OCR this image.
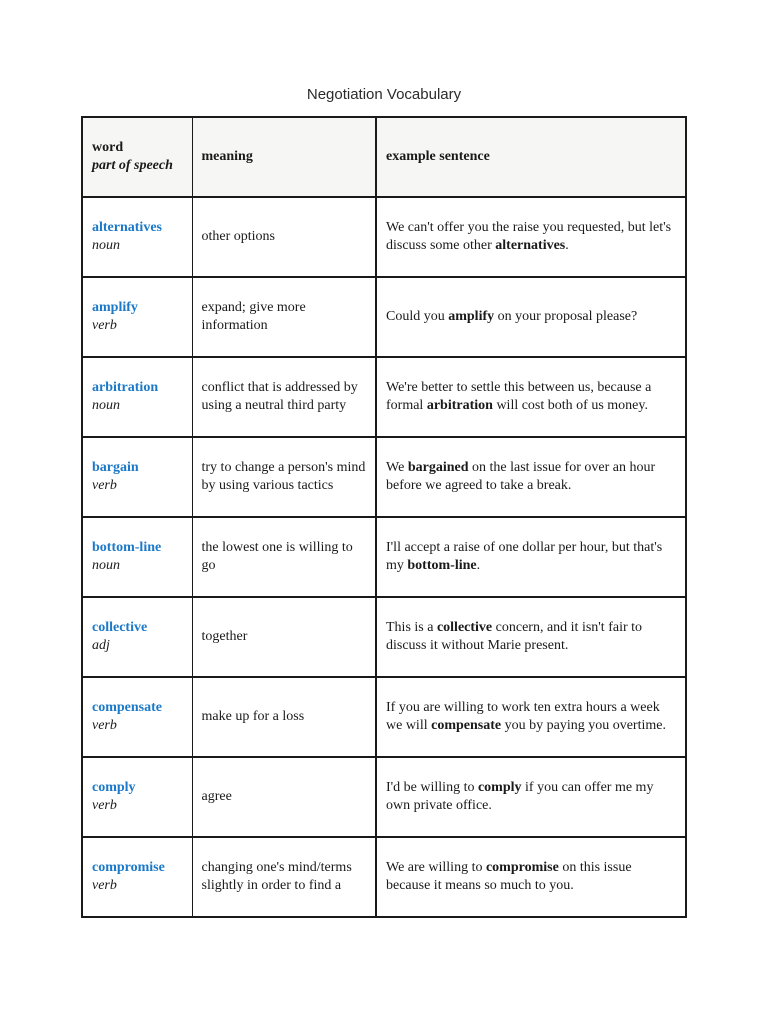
Negotiation Vocabulary
word
part of speech	meaning	example sentence

alternatives
noun	other options	We can't offer you the raise you requested, but let's discuss some other alternatives.

amplify
verb	expand; give more information	Could you amplify on your proposal please?

arbitration
noun	conflict that is addressed by using a neutral third party	We're better to settle this between us, because a formal arbitration will cost both of us money.

bargain
verb	try to change a person's mind by using various tactics	We bargained on the last issue for over an hour before we agreed to take a break.

bottom-line
noun	the lowest one is willing to go	I'll accept a raise of one dollar per hour, but that's my bottom-line.

collective
adj	together	This is a collective concern, and it isn't fair to discuss it without Marie present.

compensate
verb	make up for a loss	If you are willing to work ten extra hours a week we will compensate you by paying you overtime.

comply
verb	agree	I'd be willing to comply if you can offer me my own private office.

compromise
verb	changing one's mind/terms slightly in order to find a	We are willing to compromise on this issue because it means so much to you.
